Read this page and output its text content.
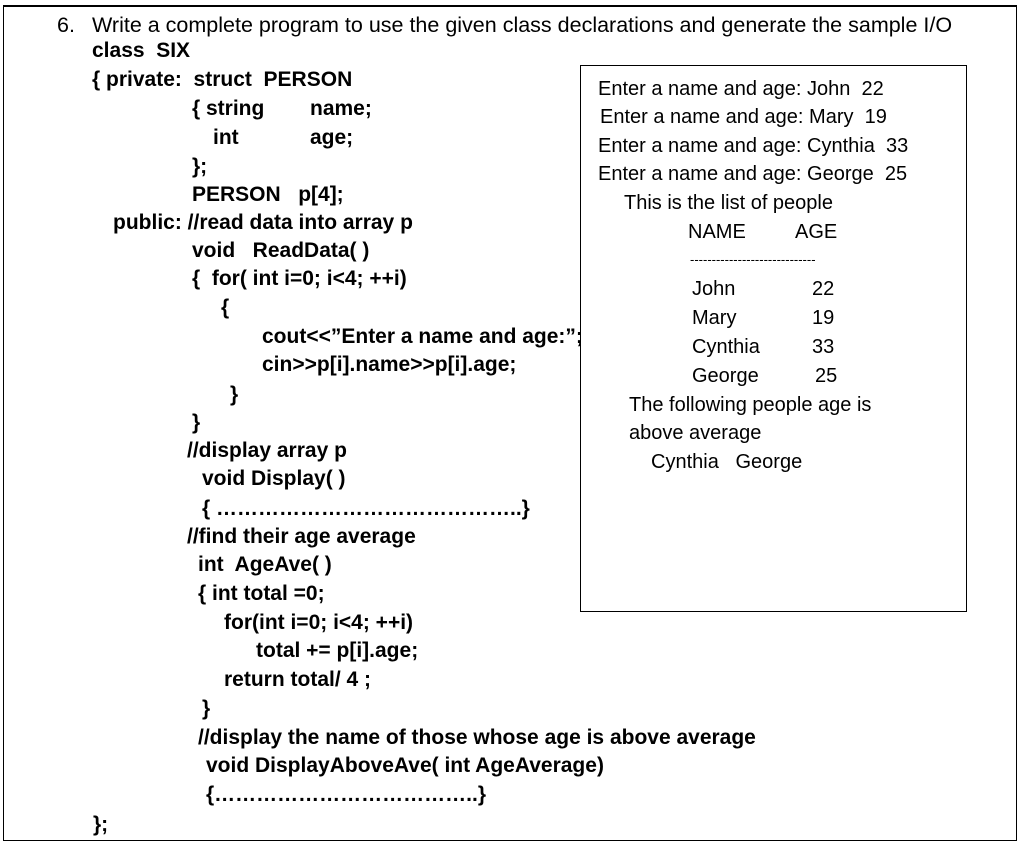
6. Write a complete program to use the given class declarations and generate the sample I/O
class  SIX
{ private:  struct  PERSON
{ string name;
int	age;
};
PERSON   p[4];
public: //read data into array p
void   ReadData( )
{  for( int i=0; i<4; ++i)
{
cout<<”Enter a name and age:”;
cin>>p[i].name>>p[i].age;
}
}
//display array p
void Display( )
{ ……………………………………..}
//find their age average
int  AgeAve( )
{ int total =0;
for(int i=0; i<4; ++i)
total += p[i].age;
return total/ 4 ;
}
//display the name of those whose age is above average
void DisplayAboveAve( int AgeAverage)
{………………………………..}
};
Enter a name and age: John  22
Enter a name and age: Mary  19
Enter a name and age: Cynthia  33
Enter a name and age: George  25
This is the list of people
NAME AGE
-----------------------------
John	22
Mary	19
Cynthia	33
George	25
The following people age is
above average
Cynthia   George
